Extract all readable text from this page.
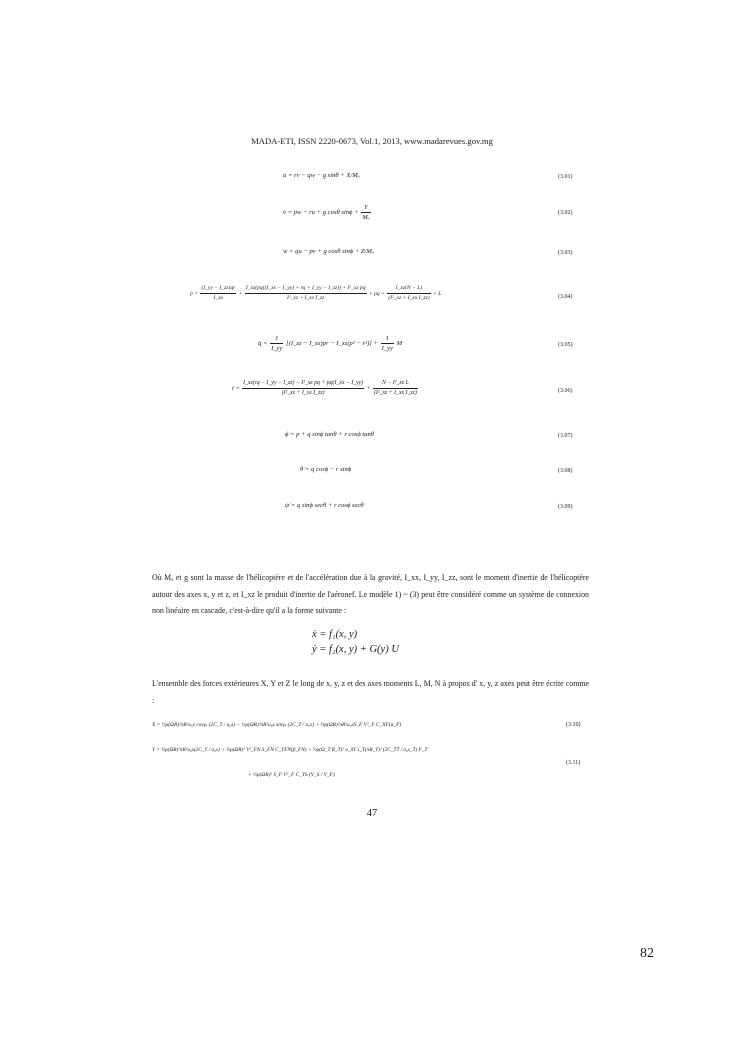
MADA-ETI, ISSN 2220-0673, Vol.1, 2013, www.madarevues.gov.mg
u̇ = rv − qw − g sinθ + X/Mₐ	(3.01)
v̇ = pw − ru + g cosθ $\sin\phi + \frac{Y}{\text{Mₐ}}$	(3.02)
ẇ = qu − pv + g cosθ sinϕ + Z/Mₐ	(3.03)
ṗ = $\frac{(I\_yy - I\_zz)qr}{I\_xx} + \frac{\text{I\_xz(pq((I\_xx − I\_yy) + rq + I\_yy − I\_zz)) + I²\_xz pq}}{\text{I²\_xz + I\_xz I\_zz}}$ + pq + $\frac{I\_xz(N - L)}{\text{(I²\_xz + I\_xx I\_zz)}} + L$
(3.04)
q̇ = $\frac{1}{I\_yy}$ [(I_zz − I_xx)pr − I_xz(p² − $r^2)] + \frac{1}{I\_yy}$ M	(3.05)
ṙ = $\frac{\text{I\_xz(rq − I\_yy − I\_zz) − I²\_xz pq + pq(I\_xx − I\_yy)}}{\text{(I²\_xz + I\_xx I\_zz)}} + \frac{\text{N − I²\_xz L}}{\text{(I²\_xz + I\_xx I\_zz)}}$	(3.06)
ϕ̇ = p + q sinϕ tanθ + r cosϕ tanθ	(3.07)
θ̇ = q cosϕ − r sinϕ	(3.08)
ψ̇ = q sinϕ secθ + r cosϕ secθ	(3.09)
Où Mₐ et g sont la masse de l'hélicoptère et de l'accélération due à la gravité, I_xx, I_yy, I_zz, sont le moment d'inertie de l'hélicoptère autour des axes x, y et z, et I_xz le produit d'inertie de l'aéronef. Le modèle 1) ~ (3) peut être considéré comme un système de connexion non linéaire en cascade, c'est-à-dire qu'il a la forme suivante :
ẋ = f₁(x, y)
ẏ = f₂(x, y) + G(y) U
L'ensemble des forces extérieures X, Y et Z le long de x, y, z et des axes moments L, M, N à propos d' x, y, z axes peut être écrite comme :
X = ½ρ(ΩR)²πR²a₀s cosγₛ (2C_T / a₀s) − ½ρ(ΩR)²πR²a₀s sinγₛ (2C_T / a₀s) + ½ρ(ΩR)²πR²a₀sS_F V²_F C_XF(α_F)	(3.10)
Y = ½ρ(ΩR)²πR²a₀s(2C_Y / a₀s) + ½ρ(ΩR)² V²_FN S_FN C_YFN(β_FN) + ½ρ(Ω_T R_T)² a_0T s_T(πR_T)² (2C_TT / a₀s_T) F_T
(3.11)
+ ½ρ(ΩR)² S_F V²_F C_YS (V_S / V_F)
47
82
